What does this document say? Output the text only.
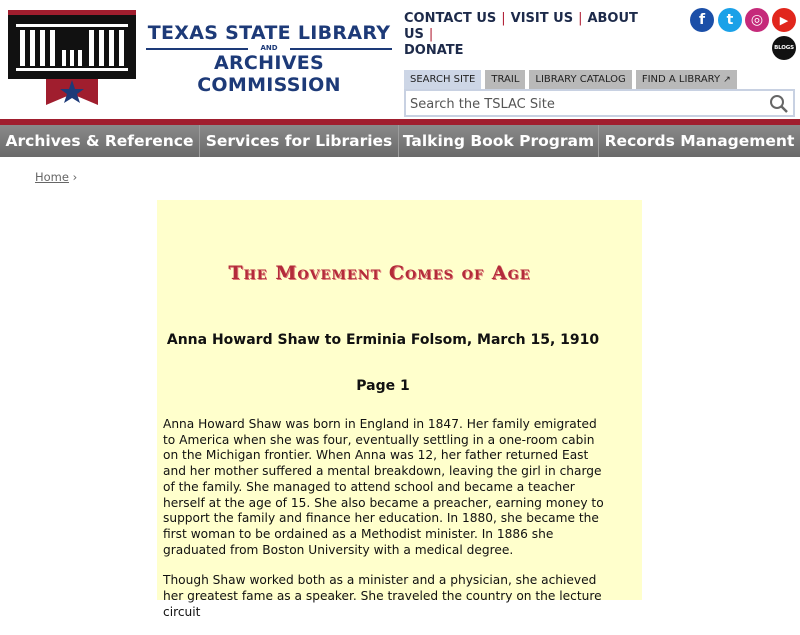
TEXAS STATE LIBRARY
AND
ARCHIVES COMMISSION
CONTACT US | VISIT US | ABOUT US |
DONATE
f	t	◎	▶
BLOGS
SEARCH SITE	TRAIL	LIBRARY CATALOG	FIND A LIBRARY ↗
Search the TSLAC Site
Archives & Reference Services for Libraries Talking Book Program Records Management
Home ›
The Movement Comes of Age
Anna Howard Shaw to Erminia Folsom, March 15, 1910
Page 1

Anna Howard Shaw was born in England in 1847. Her family emigrated to America when she was four, eventually settling in a one-room cabin on the Michigan frontier. When Anna was 12, her father returned East and her mother suffered a mental breakdown, leaving the girl in charge of the family. She managed to attend school and became a teacher herself at the age of 15. She also became a preacher, earning money to support the family and finance her education. In 1880, she became the first woman to be ordained as a Methodist minister. In 1886 she graduated from Boston University with a medical degree.

Though Shaw worked both as a minister and a physician, she achieved her greatest fame as a speaker. She traveled the country on the lecture circuit
